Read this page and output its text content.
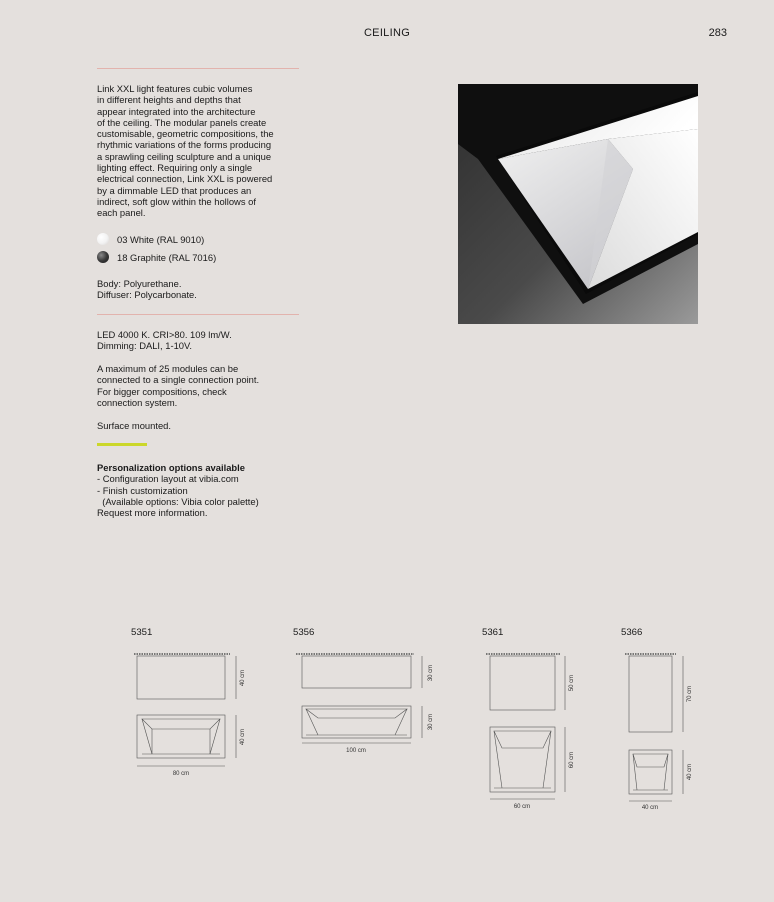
CEILING	283

Link XXL light features cubic volumes

in different heights and depths that

appear integrated into the architecture

of the ceiling. The modular panels create

customisable, geometric compositions, the

rhythmic variations of the forms producing

a sprawling ceiling sculpture and a unique

lighting effect. Requiring only a single

electrical connection, Link XXL is powered

by a dimmable LED that produces an

indirect, soft glow within the hollows of

each panel.

03 White (RAL 9010)
18 Graphite (RAL 7016)

Body: Polyurethane.

Diffuser: Polycarbonate.

LED 4000 K. CRI>80. 109 lm/W.

Dimming: DALI, 1-10V.

A maximum of 25 modules can be

connected to a single connection point.

For bigger compositions, check

connection system.

Surface mounted.

Personalization options available

- Configuration layout at vibia.com

- Finish customization

(Available options: Vibia color palette)

Request more information.

5351	5356	5361	5366
40 cm
40 cm
80 cm
30 cm
30 cm
100 cm
50 cm
60 cm
60 cm
70 cm
40 cm
40 cm
